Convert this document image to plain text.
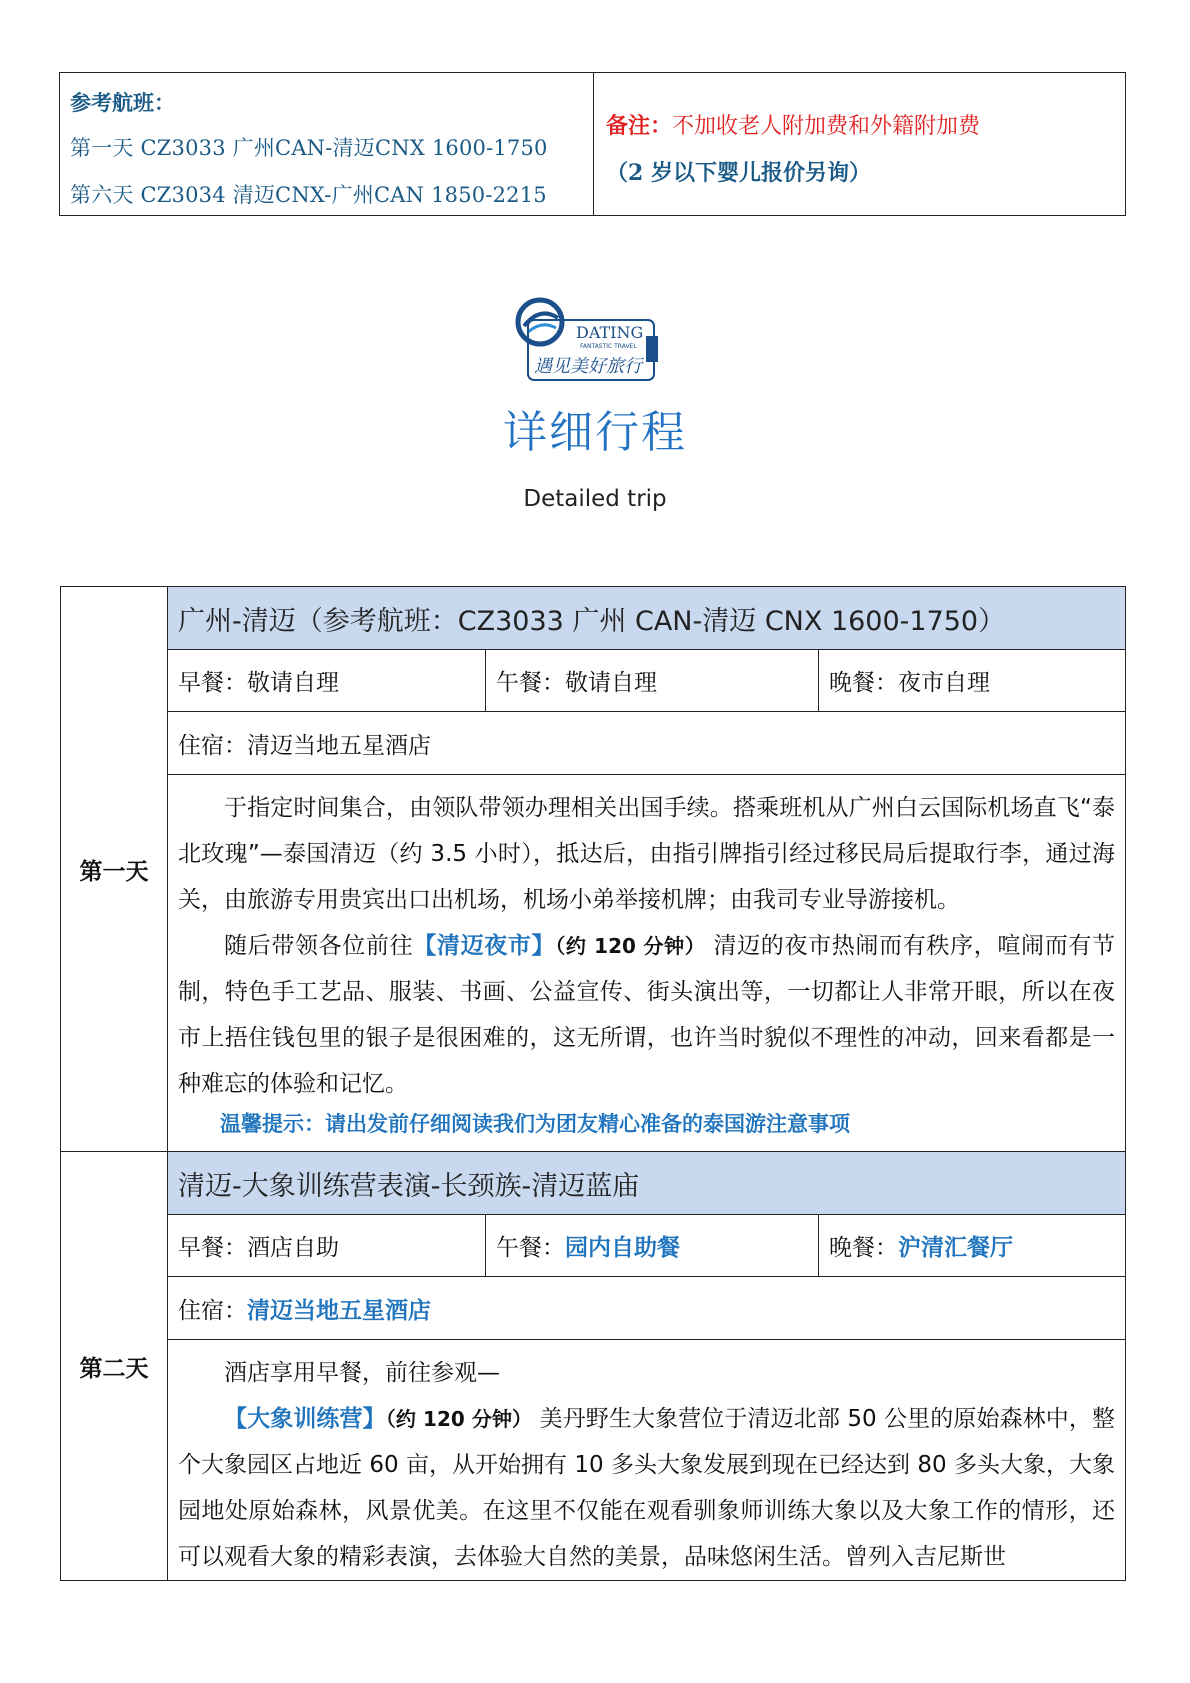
参考航班：
第一天 CZ3033 广州CAN-清迈CNX 1600-1750
第六天 CZ3034 清迈CNX-广州CAN 1850-2215
备注：不加收老人附加费和外籍附加费
（2 岁以下婴儿报价另询）
DATING
FANTASTIC TRAVEL
遇见美好旅行
详细行程
Detailed trip
第一天	广州-清迈（参考航班：CZ3033 广州 CAN-清迈 CNX 1600-1750）		
	早餐：敬请自理	午餐：敬请自理	晚餐：夜市自理
	住宿：清迈当地五星酒店		

	于指定时间集合，由领队带领办理相关出国手续。搭乘班机从广州白云国际机场直飞“泰北玫瑰”—泰国清迈（约 3.5 小时），抵达后，由指引牌指引经过移民局后提取行李，通过海关，由旅游专用贵宾出口出机场，机场小弟举接机牌；由我司专业导游接机。

随后带领各位前往【清迈夜市】（约 120 分钟） 清迈的夜市热闹而有秩序，喧闹而有节制，特色手工艺品、服装、书画、公益宣传、街头演出等，一切都让人非常开眼，所以在夜市上捂住钱包里的银子是很困难的，这无所谓，也许当时貌似不理性的冲动，回来看都是一种难忘的体验和记忆。

温馨提示：请出发前仔细阅读我们为团友精心准备的泰国游注意事项		

第二天	清迈-大象训练营表演-长颈族-清迈蓝庙		
	早餐：酒店自助	午餐：园内自助餐	晚餐：沪清汇餐厅
	住宿：清迈当地五星酒店		

	酒店享用早餐，前往参观—

【大象训练营】（约 120 分钟） 美丹野生大象营位于清迈北部 50 公里的原始森林中，整个大象园区占地近 60 亩，从开始拥有 10 多头大象发展到现在已经达到 80 多头大象，大象园地处原始森林，风景优美。在这里不仅能在观看驯象师训练大象以及大象工作的情形，还可以观看大象的精彩表演，去体验大自然的美景，品味悠闲生活。曾列入吉尼斯世		
